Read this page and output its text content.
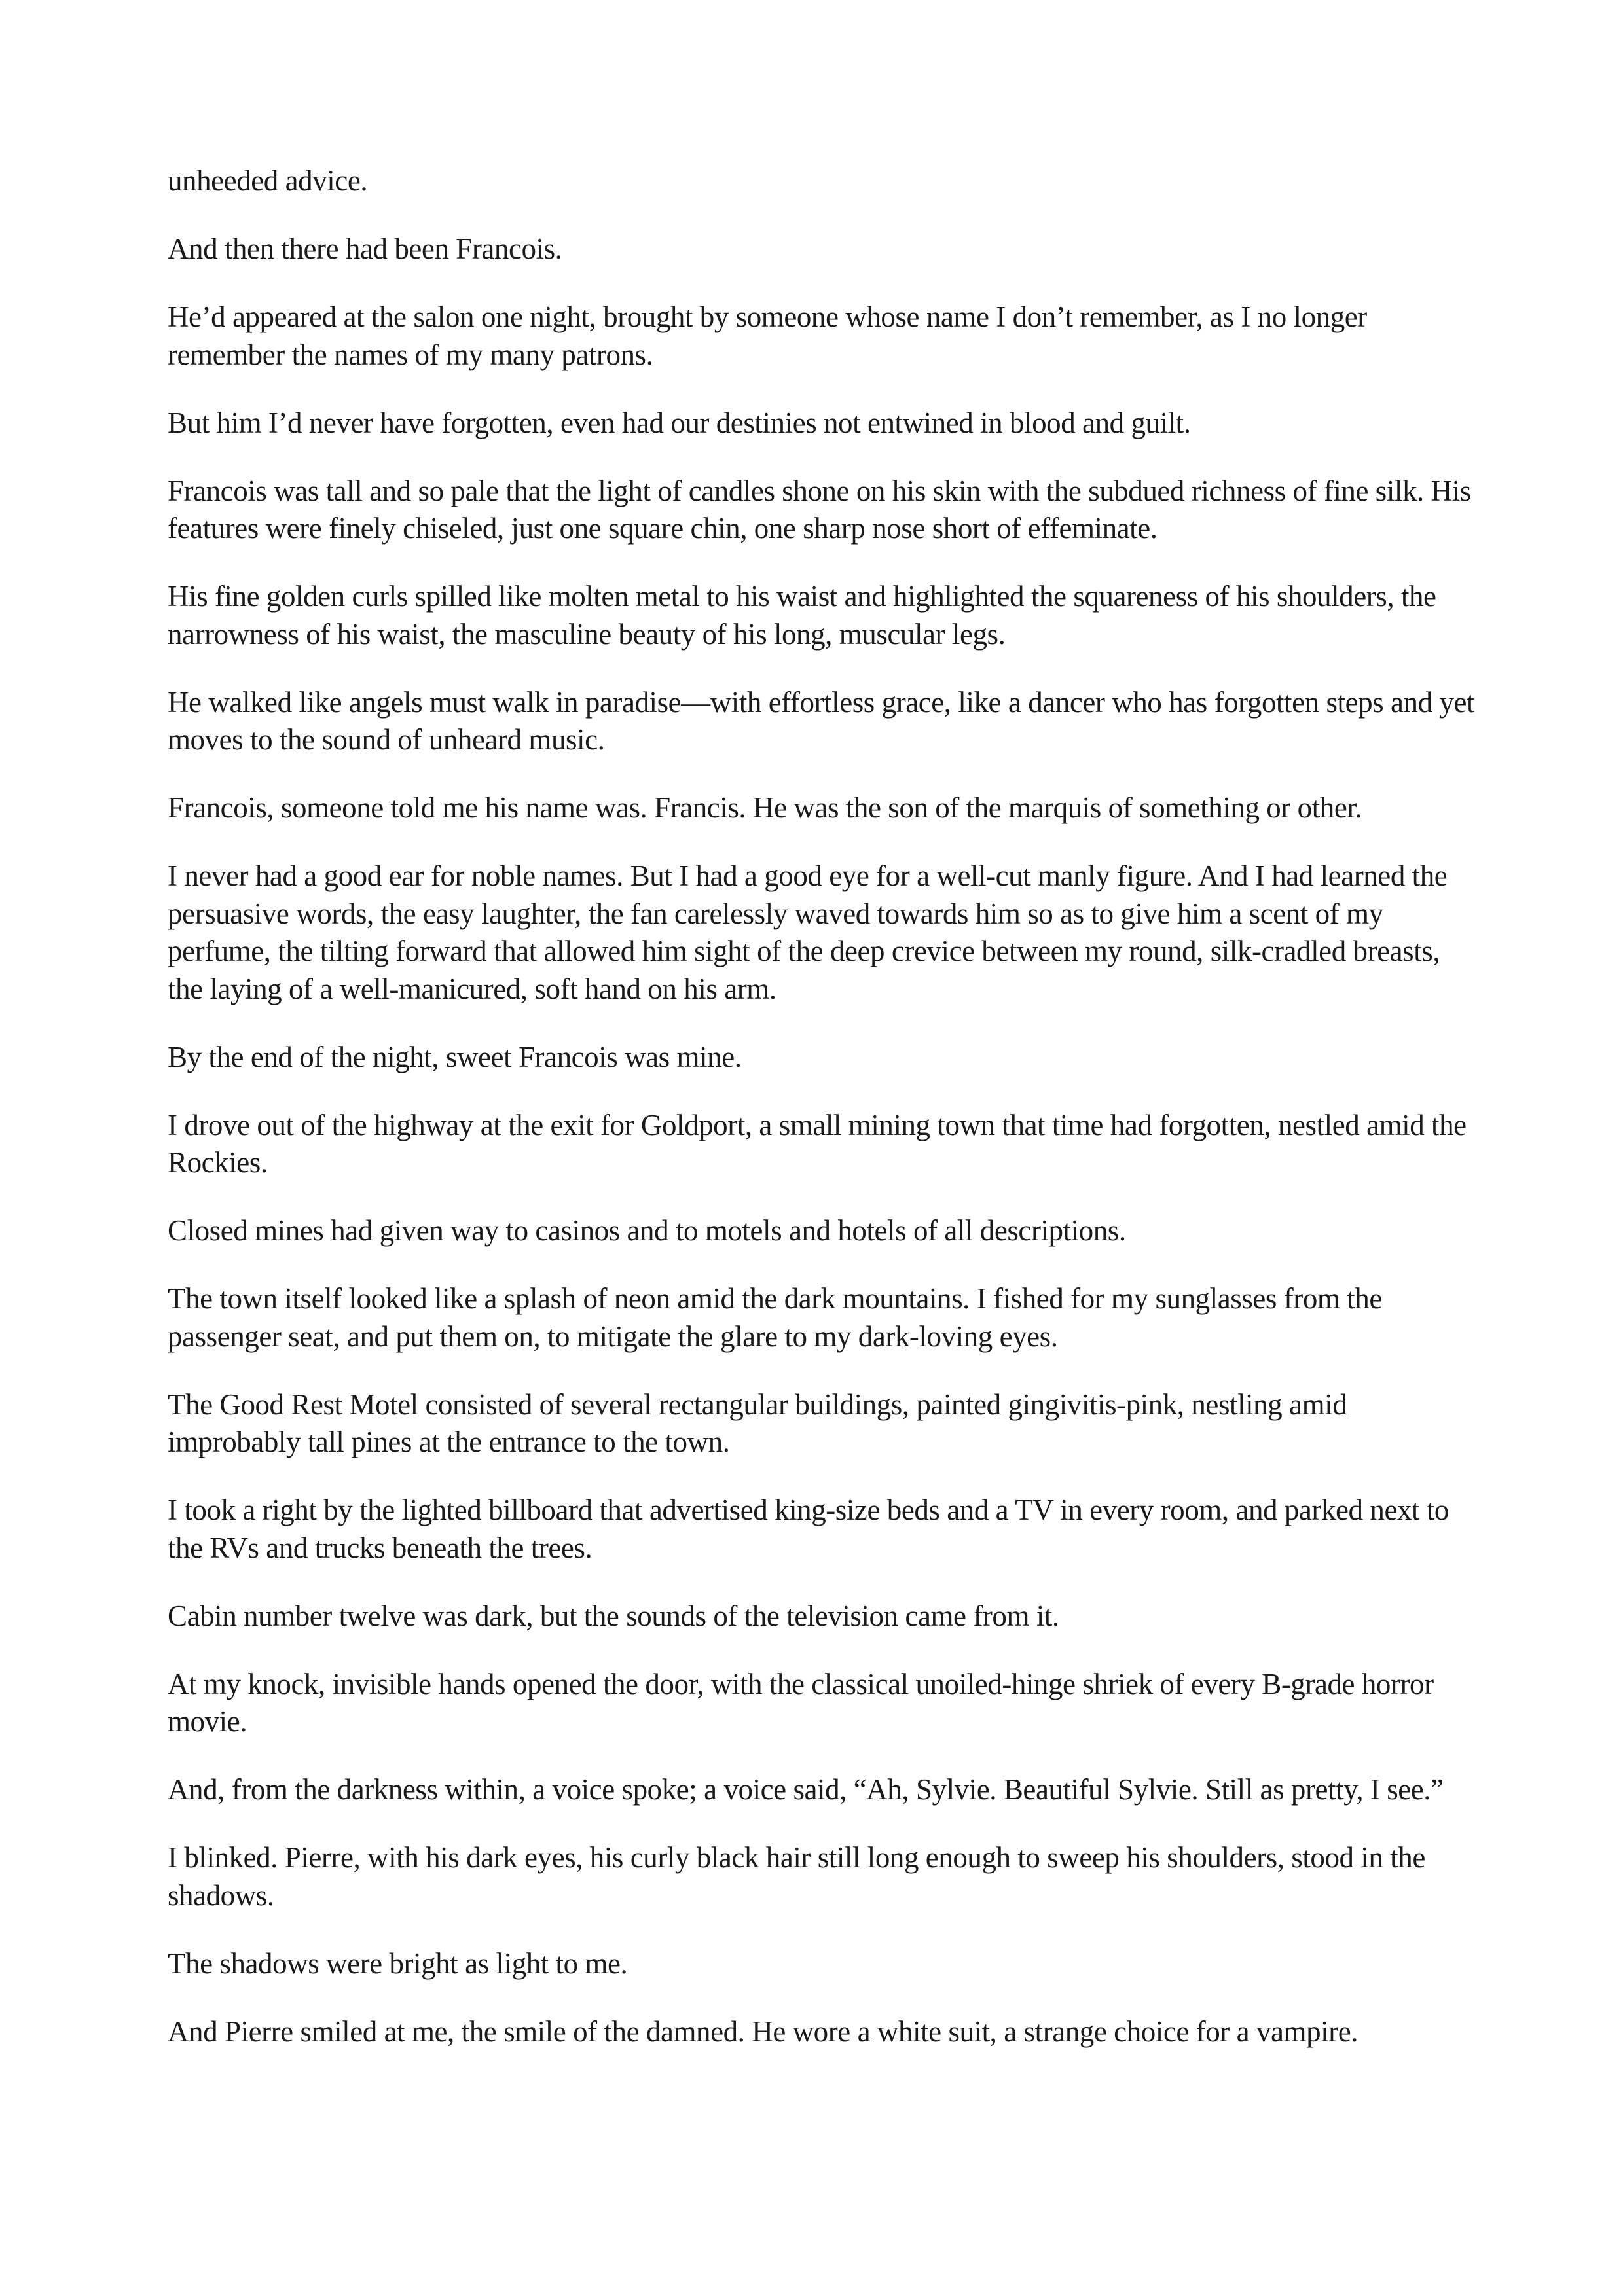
unheeded advice.

And then there had been Francois.

He’d appeared at the salon one night, brought by someone whose name I don’t remember, as I no longer remember the names of my many patrons.

But him I’d never have forgotten, even had our destinies not entwined in blood and guilt.

Francois was tall and so pale that the light of candles shone on his skin with the subdued richness of fine silk. His features were finely chiseled, just one square chin, one sharp nose short of effeminate.

His fine golden curls spilled like molten metal to his waist and highlighted the squareness of his shoulders, the narrowness of his waist, the masculine beauty of his long, muscular legs.

He walked like angels must walk in paradise—with effortless grace, like a dancer who has forgotten steps and yet moves to the sound of unheard music.

Francois, someone told me his name was. Francis. He was the son of the marquis of something or other.

I never had a good ear for noble names. But I had a good eye for a well-cut manly figure. And I had learned the persuasive words, the easy laughter, the fan carelessly waved towards him so as to give him a scent of my perfume, the tilting forward that allowed him sight of the deep crevice between my round, silk-cradled breasts, the laying of a well-manicured, soft hand on his arm.

By the end of the night, sweet Francois was mine.

I drove out of the highway at the exit for Goldport, a small mining town that time had forgotten, nestled amid the Rockies.

Closed mines had given way to casinos and to motels and hotels of all descriptions.

The town itself looked like a splash of neon amid the dark mountains. I fished for my sunglasses from the passenger seat, and put them on, to mitigate the glare to my dark-loving eyes.

The Good Rest Motel consisted of several rectangular buildings, painted gingivitis-pink, nestling amid improbably tall pines at the entrance to the town.

I took a right by the lighted billboard that advertised king-size beds and a TV in every room, and parked next to the RVs and trucks beneath the trees.

Cabin number twelve was dark, but the sounds of the television came from it.

At my knock, invisible hands opened the door, with the classical unoiled-hinge shriek of every B-grade horror movie.

And, from the darkness within, a voice spoke; a voice said, “Ah, Sylvie. Beautiful Sylvie. Still as pretty, I see.”

I blinked. Pierre, with his dark eyes, his curly black hair still long enough to sweep his shoulders, stood in the shadows.

The shadows were bright as light to me.

And Pierre smiled at me, the smile of the damned. He wore a white suit, a strange choice for a vampire.
